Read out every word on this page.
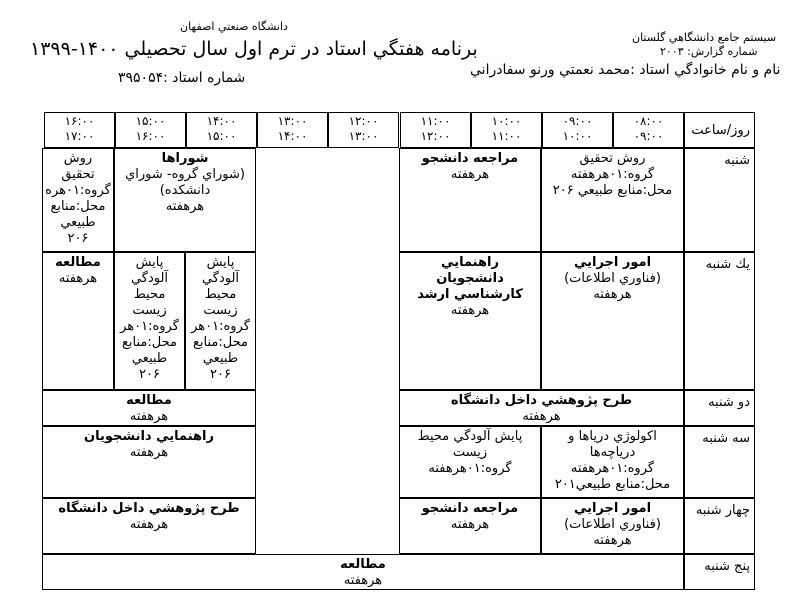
دانشگاه صنعتي اصفهان
برنامه هفتگي استاد در ترم اول سال تحصيلي ۱۴۰۰-۱۳۹۹
شماره استاد :۳۹۵۰۵۴
سيستم جامع دانشگاهي گلستان
شماره گزارش: ۲۰۰۳
نام و نام خانوادگي استاد :محمد نعمتي ورنو سفادراني
روز/ساعت
۰۸:۰۰
۰۹:۰۰
۰۹:۰۰
۱۰:۰۰
۱۰:۰۰
۱۱:۰۰
۱۱:۰۰
۱۲:۰۰
۱۲:۰۰
۱۳:۰۰
۱۳:۰۰
۱۴:۰۰
۱۴:۰۰
۱۵:۰۰
۱۵:۰۰
۱۶:۰۰
۱۶:۰۰
۱۷:۰۰
شنبه
يك شنبه
دو شنبه
سه شنبه
چهار شنبه
پنج شنبه
روش تحقيق
گروه:۰۱هرهفته
محل:منابع طبيعي ۲۰۶
مراجعه دانشجو
هرهفته
شوراها
(شوراي گروه- شوراي
دانشكده)
هرهفته
روش
تحقيق
گروه:۰۱هره
محل:منابع
طبيعي
۲۰۶
امور اجرايي
(فناوري اطلاعات)
هرهفته
راهنمايي
دانشجويان
كارشناسي ارشد
هرهفته
پايش
آلودگي
محيط
زيست
گروه:۰۱هر
محل:منابع
طبيعي
۲۰۶
پايش
آلودگي
محيط
زيست
گروه:۰۱هر
محل:منابع
طبيعي
۲۰۶
مطالعه
هرهفته
طرح پژوهشي داخل دانشگاه
هرهفته
مطالعه
هرهفته
اكولوژي درياها و
درياچه‌ها
گروه:۰۱هرهفته
محل:منابع طبيعي۲۰۱
پايش آلودگي محيط
زيست
گروه:۰۱هرهفته
راهنمايي دانشجويان
هرهفته
امور اجرايي
(فناوري اطلاعات)
هرهفته
مراجعه دانشجو
هرهفته
طرح پژوهشي داخل دانشگاه
هرهفته
مطالعه
هرهفته
